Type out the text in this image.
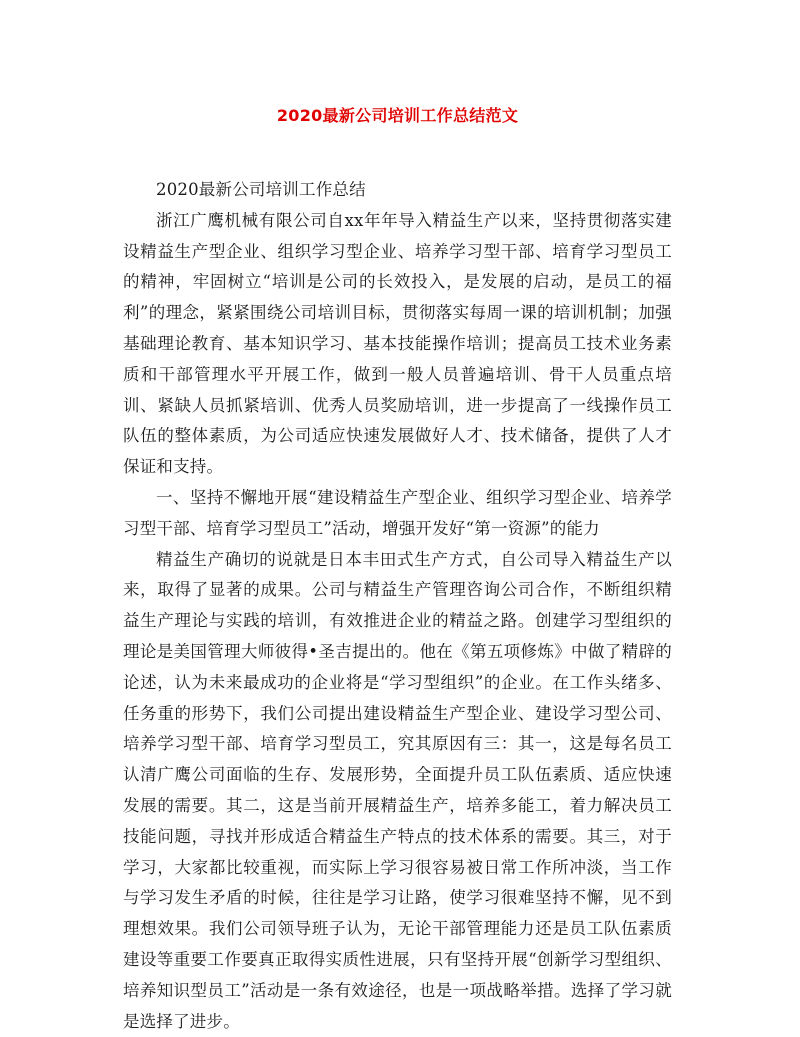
2020最新公司培训工作总结范文

2020最新公司培训工作总结

浙江广鹰机械有限公司自xx年年导入精益生产以来，坚持贯彻落实建设精益生产型企业、组织学习型企业、培养学习型干部、培育学习型员工的精神，牢固树立“培训是公司的长效投入，是发展的启动，是员工的福利”的理念，紧紧围绕公司培训目标，贯彻落实每周一课的培训机制；加强基础理论教育、基本知识学习、基本技能操作培训；提高员工技术业务素质和干部管理水平开展工作，做到一般人员普遍培训、骨干人员重点培训、紧缺人员抓紧培训、优秀人员奖励培训，进一步提高了一线操作员工队伍的整体素质，为公司适应快速发展做好人才、技术储备，提供了人才保证和支持。

一、坚持不懈地开展“建设精益生产型企业、组织学习型企业、培养学习型干部、培育学习型员工”活动，增强开发好“第一资源”的能力

精益生产确切的说就是日本丰田式生产方式，自公司导入精益生产以来，取得了显著的成果。公司与精益生产管理咨询公司合作，不断组织精益生产理论与实践的培训，有效推进企业的精益之路。创建学习型组织的理论是美国管理大师彼得•圣吉提出的。他在《第五项修炼》中做了精辟的论述，认为未来最成功的企业将是“学习型组织”的企业。在工作头绪多、任务重的形势下，我们公司提出建设精益生产型企业、建设学习型公司、培养学习型干部、培育学习型员工，究其原因有三：其一，这是每名员工认清广鹰公司面临的生存、发展形势，全面提升员工队伍素质、适应快速发展的需要。其二，这是当前开展精益生产，培养多能工，着力解决员工技能问题，寻找并形成适合精益生产特点的技术体系的需要。其三，对于学习，大家都比较重视，而实际上学习很容易被日常工作所冲淡，当工作与学习发生矛盾的时候，往往是学习让路，使学习很难坚持不懈，见不到理想效果。我们公司领导班子认为，无论干部管理能力还是员工队伍素质建设等重要工作要真正取得实质性进展，只有坚持开展“创新学习型组织、培养知识型员工”活动是一条有效途径，也是一项战略举措。选择了学习就是选择了进步。
